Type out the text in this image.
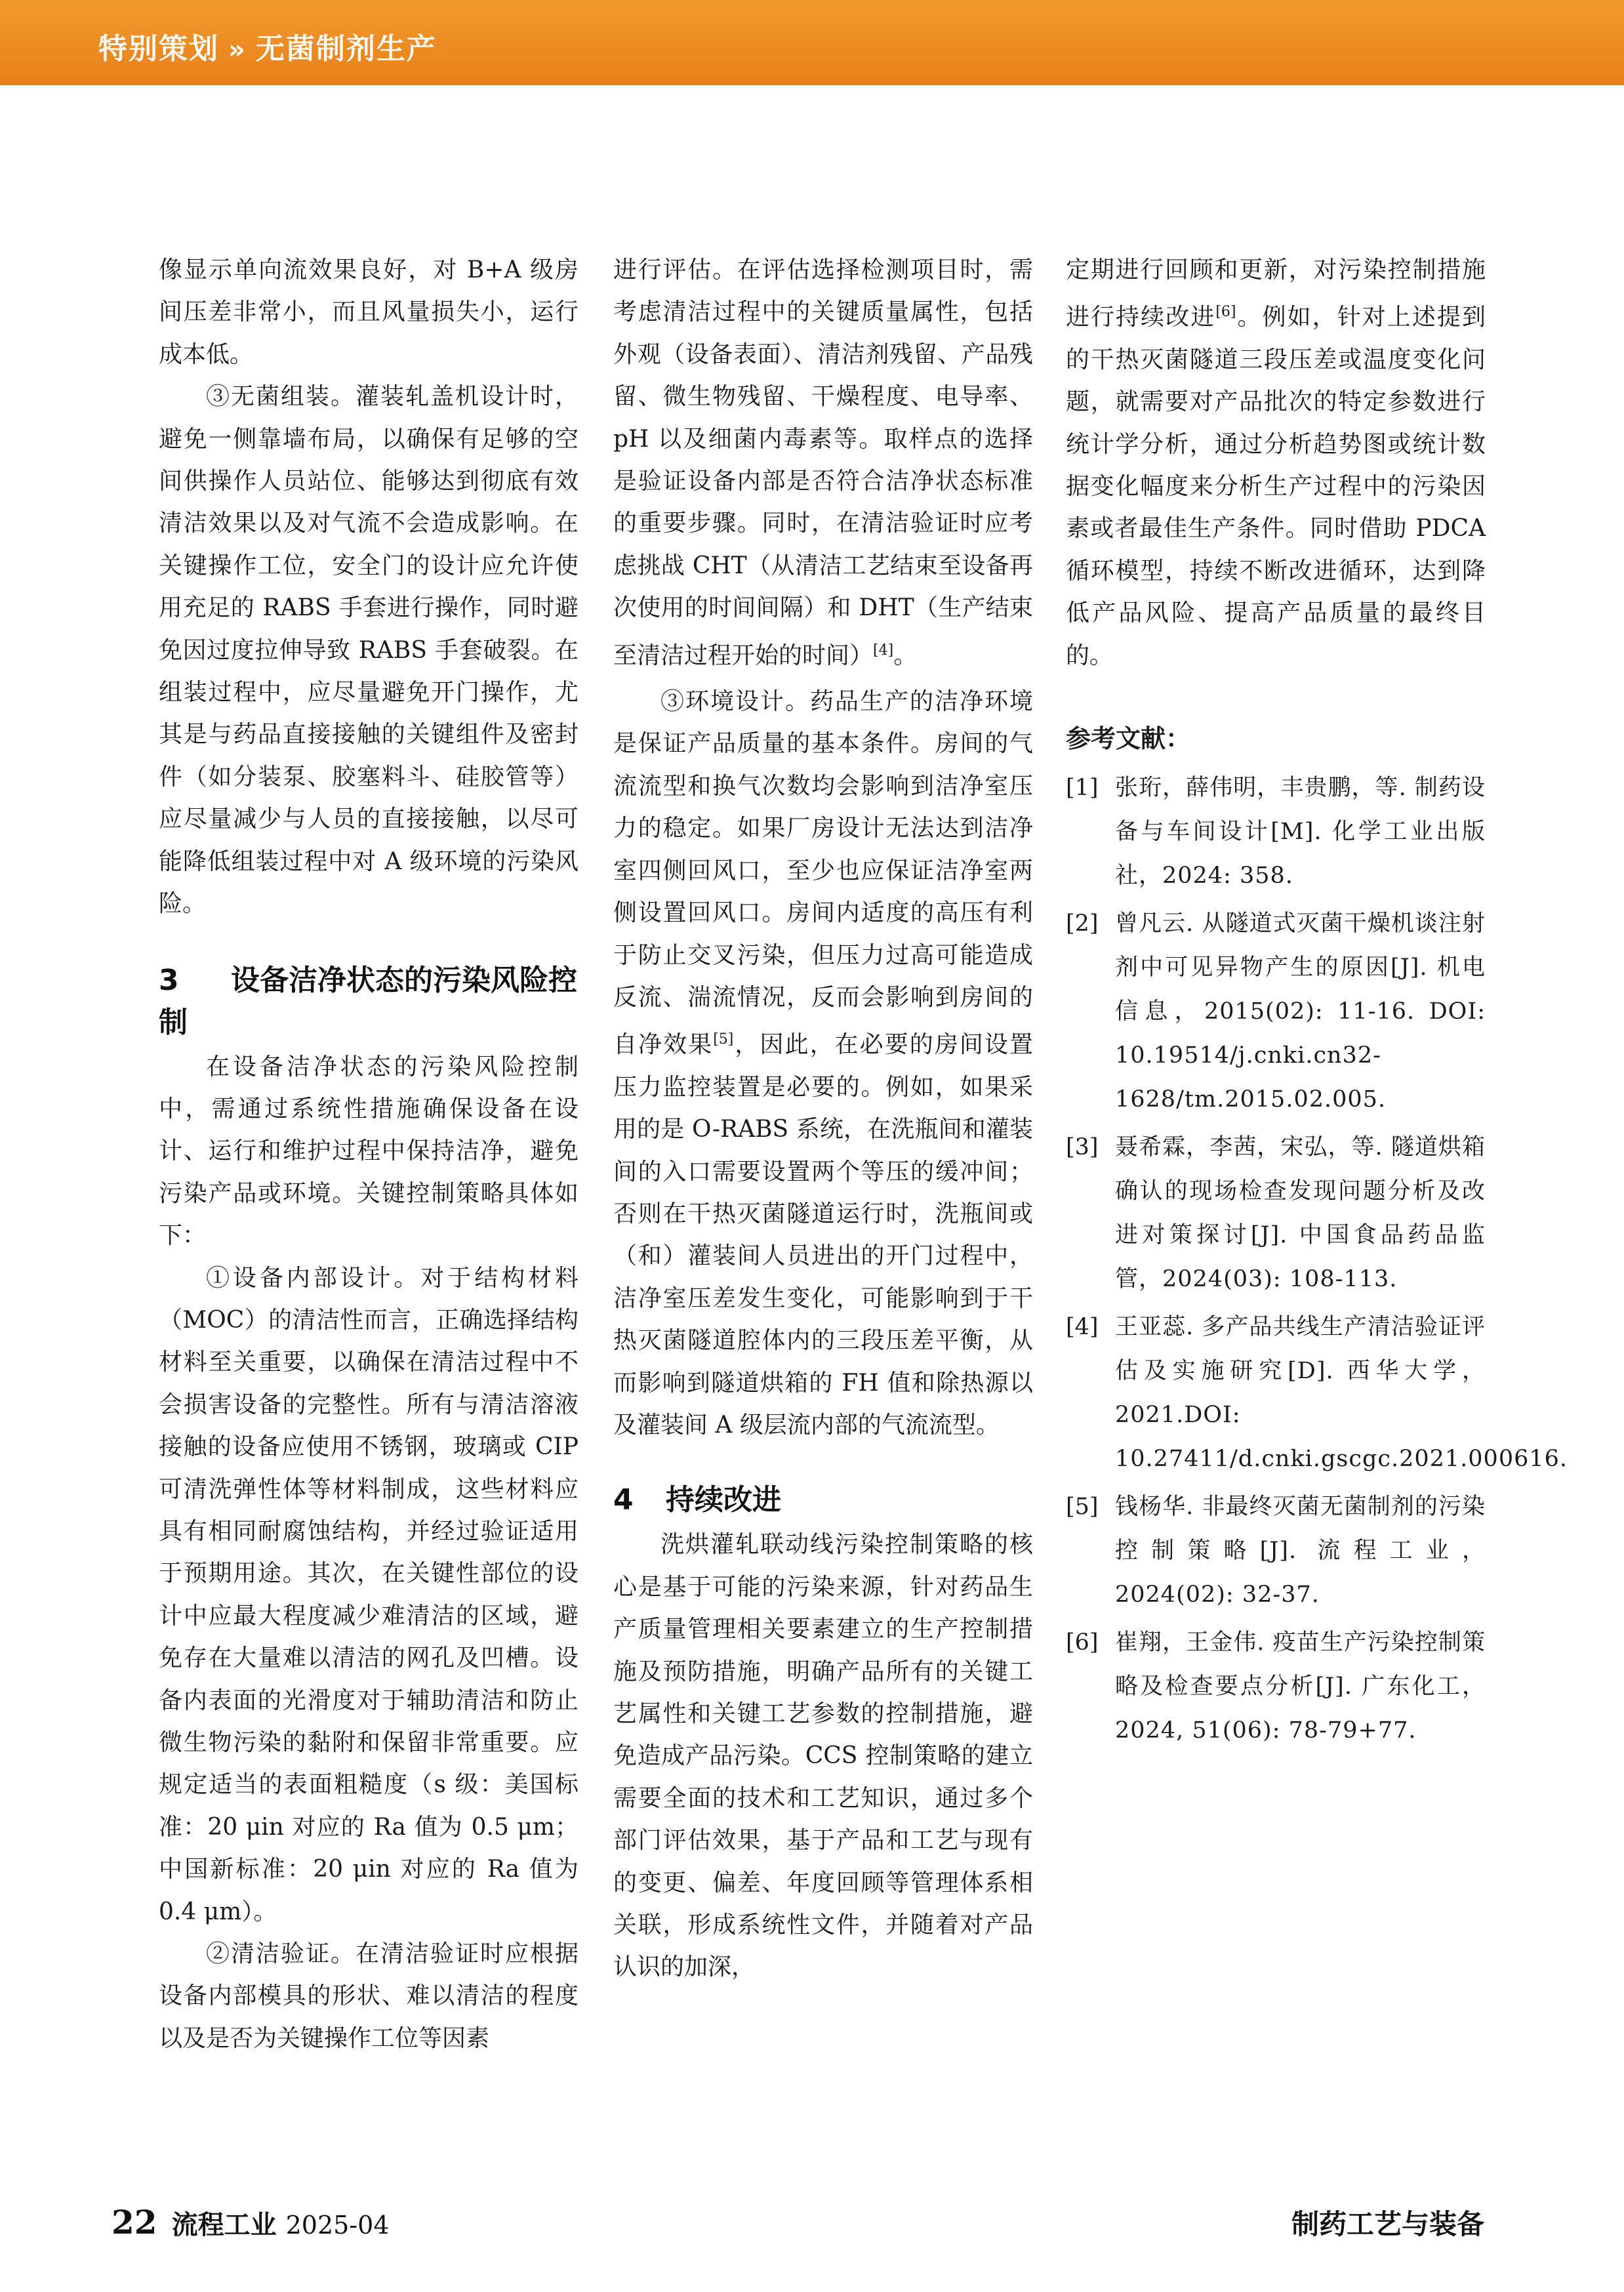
特别策划 » 无菌制剂生产

像显示单向流效果良好，对 B+A 级房间压差非常小，而且风量损失小，运行成本低。

③无菌组装。灌装轧盖机设计时，避免一侧靠墙布局，以确保有足够的空间供操作人员站位、能够达到彻底有效清洁效果以及对气流不会造成影响。在关键操作工位，安全门的设计应允许使用充足的 RABS 手套进行操作，同时避免因过度拉伸导致 RABS 手套破裂。在组装过程中，应尽量避免开门操作，尤其是与药品直接接触的关键组件及密封件（如分装泵、胶塞料斗、硅胶管等）应尽量减少与人员的直接接触，以尽可能降低组装过程中对 A 级环境的污染风险。

3 设备洁净状态的污染风险控制

在设备洁净状态的污染风险控制中，需通过系统性措施确保设备在设计、运行和维护过程中保持洁净，避免污染产品或环境。关键控制策略具体如下：

①设备内部设计。对于结构材料（MOC）的清洁性而言，正确选择结构材料至关重要，以确保在清洁过程中不会损害设备的完整性。所有与清洁溶液接触的设备应使用不锈钢，玻璃或 CIP 可清洗弹性体等材料制成，这些材料应具有相同耐腐蚀结构，并经过验证适用于预期用途。其次，在关键性部位的设计中应最大程度减少难清洁的区域，避免存在大量难以清洁的网孔及凹槽。设备内表面的光滑度对于辅助清洁和防止微生物污染的黏附和保留非常重要。应规定适当的表面粗糙度（s 级：美国标准：20 μin 对应的 Ra 值为 0.5 μm；中国新标准：20 μin 对应的 Ra 值为 0.4 μm）。

②清洁验证。在清洁验证时应根据设备内部模具的形状、难以清洁的程度以及是否为关键操作工位等因素

进行评估。在评估选择检测项目时，需考虑清洁过程中的关键质量属性，包括外观（设备表面）、清洁剂残留、产品残留、微生物残留、干燥程度、电导率、pH 以及细菌内毒素等。取样点的选择是验证设备内部是否符合洁净状态标准的重要步骤。同时，在清洁验证时应考虑挑战 CHT（从清洁工艺结束至设备再次使用的时间间隔）和 DHT（生产结束至清洁过程开始的时间）[4]。

③环境设计。药品生产的洁净环境是保证产品质量的基本条件。房间的气流流型和换气次数均会影响到洁净室压力的稳定。如果厂房设计无法达到洁净室四侧回风口，至少也应保证洁净室两侧设置回风口。房间内适度的高压有利于防止交叉污染，但压力过高可能造成反流、湍流情况，反而会影响到房间的自净效果[5]，因此，在必要的房间设置压力监控装置是必要的。例如，如果采用的是 O-RABS 系统，在洗瓶间和灌装间的入口需要设置两个等压的缓冲间；否则在干热灭菌隧道运行时，洗瓶间或（和）灌装间人员进出的开门过程中，洁净室压差发生变化，可能影响到于干热灭菌隧道腔体内的三段压差平衡，从而影响到隧道烘箱的 FH 值和除热源以及灌装间 A 级层流内部的气流流型。

4 持续改进

洗烘灌轧联动线污染控制策略的核心是基于可能的污染来源，针对药品生产质量管理相关要素建立的生产控制措施及预防措施，明确产品所有的关键工艺属性和关键工艺参数的控制措施，避免造成产品污染。CCS 控制策略的建立需要全面的技术和工艺知识，通过多个部门评估效果，基于产品和工艺与现有的变更、偏差、年度回顾等管理体系相关联，形成系统性文件，并随着对产品认识的加深，

定期进行回顾和更新，对污染控制措施进行持续改进[6]。例如，针对上述提到的干热灭菌隧道三段压差或温度变化问题，就需要对产品批次的特定参数进行统计学分析，通过分析趋势图或统计数据变化幅度来分析生产过程中的污染因素或者最佳生产条件。同时借助 PDCA 循环模型，持续不断改进循环，达到降低产品风险、提高产品质量的最终目的。

参考文献：
[1] 张珩，薛伟明，丰贵鹏，等. 制药设备与车间设计[M]. 化学工业出版社，2024: 358.
[2] 曾凡云. 从隧道式灭菌干燥机谈注射剂中可见异物产生的原因[J]. 机电信息，2015(02): 11-16. DOI: 10.19514/j.cnki.cn32-1628/tm.2015.02.005.
[3] 聂希霖，李茜，宋弘，等. 隧道烘箱确认的现场检查发现问题分析及改进对策探讨[J]. 中国食品药品监管，2024(03): 108-113.
[4] 王亚蕊. 多产品共线生产清洁验证评估及实施研究[D]. 西华大学，2021.DOI: 10.27411/d.cnki.gscgc.2021.000616.
[5] 钱杨华. 非最终灭菌无菌制剂的污染控制策略[J]. 流程工业，2024(02): 32-37.
[6] 崔翔，王金伟. 疫苗生产污染控制策略及检查要点分析[J]. 广东化工，2024, 51(06): 78-79+77.
22 流程工业 2025-04	制药工艺与装备
